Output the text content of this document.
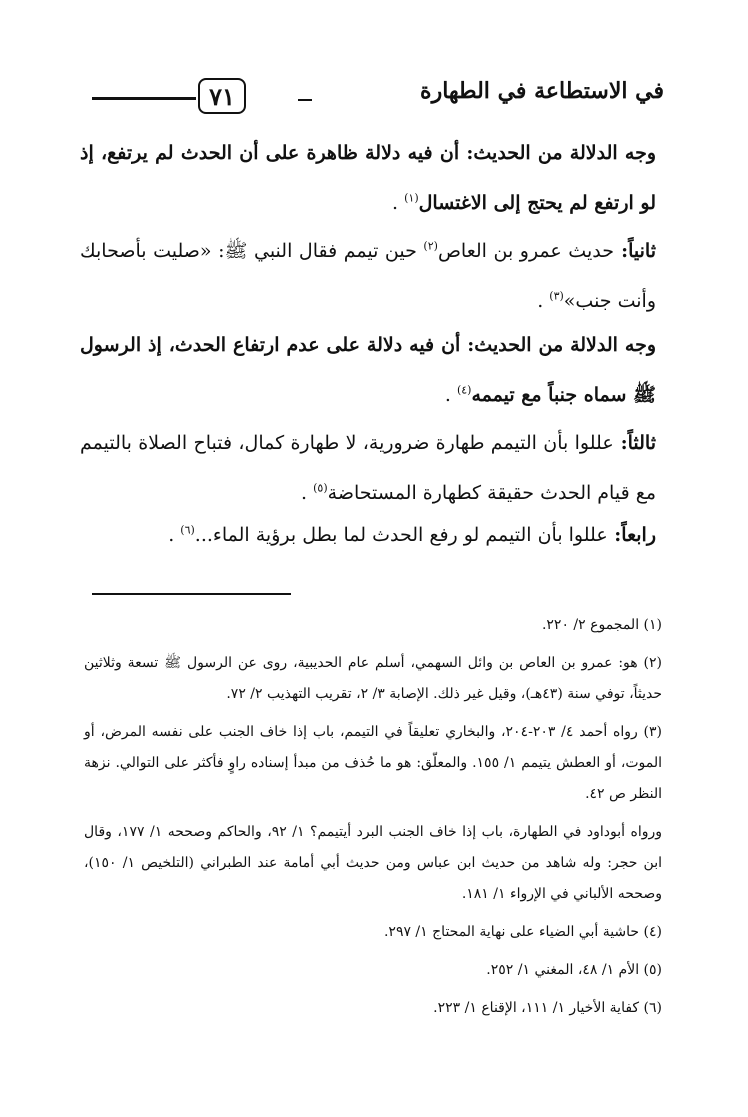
في الاستطاعة في الطهارة
٧١

وجه الدلالة من الحديث: أن فيه دلالة ظاهرة على أن الحدث لم يرتفع، إذ لو ارتفع لم يحتج إلى الاغتسال$^{(١)}$ .

ثانياً: حديث عمرو بن العاص$^{(٢)}$ حين تيمم فقال النبي ﷺ: «صليت بأصحابك وأنت جنب»$^{(٣)}$ .

وجه الدلالة من الحديث: أن فيه دلالة على عدم ارتفاع الحدث، إذ الرسول ﷺ سماه جنباً مع تيممه$^{(٤)}$ .

ثالثاً: عللوا بأن التيمم طهارة ضرورية، لا طهارة كمال، فتباح الصلاة بالتيمم مع قيام الحدث حقيقة كطهارة المستحاضة$^{(٥)}$ .

رابعاً: عللوا بأن التيمم لو رفع الحدث لما بطل برؤية الماء...$^{(٦)}$ .

(١) المجموع ٢/ ٢٢٠.

(٢) هو: عمرو بن العاص بن وائل السهمي، أسلم عام الحديبية، روى عن الرسول ﷺ تسعة وثلاثين حديثاً، توفي سنة (٤٣هـ)، وقيل غير ذلك. الإصابة ٣/ ٢، تقريب التهذيب ٢/ ٧٢.

(٣) رواه أحمد ٤/ ٢٠٣-٢٠٤، والبخاري تعليقاً في التيمم، باب إذا خاف الجنب على نفسه المرض، أو الموت، أو العطش يتيمم ١/ ١٥٥. والمعلّق: هو ما حُذف من مبدأ إسناده راوٍ فأكثر على التوالي. نزهة النظر ص ٤٢.

ورواه أبوداود في الطهارة، باب إذا خاف الجنب البرد أيتيمم؟ ١/ ٩٢، والحاكم وصححه ١/ ١٧٧، وقال ابن حجر: وله شاهد من حديث ابن عباس ومن حديث أبي أمامة عند الطبراني (التلخيص ١/ ١٥٠)، وصححه الألباني في الإرواء ١/ ١٨١.

(٤) حاشية أبي الضياء على نهاية المحتاج ١/ ٢٩٧.

(٥) الأم ١/ ٤٨، المغني ١/ ٢٥٢.

(٦) كفاية الأخيار ١/ ١١١، الإقناع ١/ ٢٢٣.
